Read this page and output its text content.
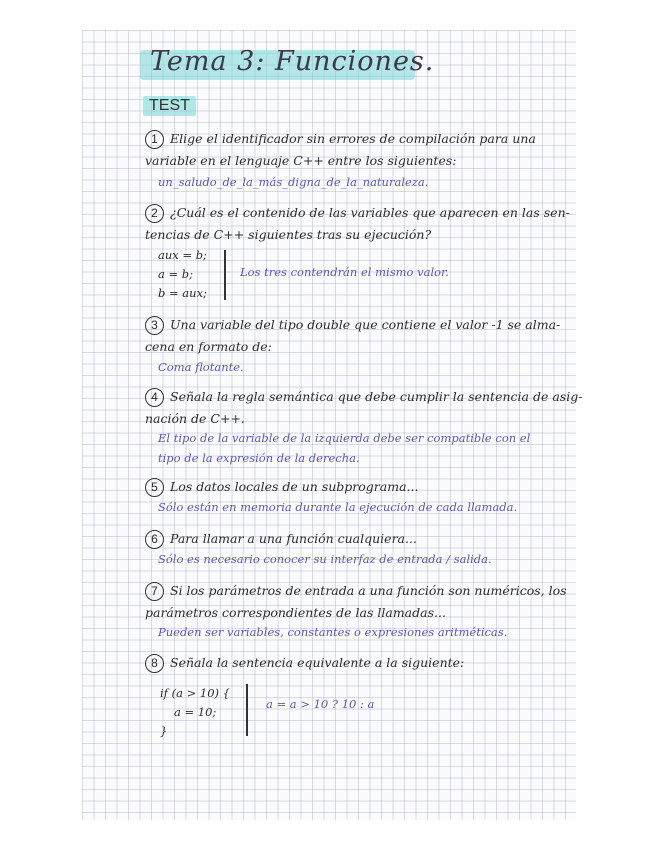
Tema 3: Funciones.
TEST
1 Elige el identificador sin errores de compilación para una
variable en el lenguaje C++ entre los siguientes:
un_saludo_de_la_más_digna_de_la_naturaleza.
2 ¿Cuál es el contenido de las variables que aparecen en las sen-
tencias de C++ siguientes tras su ejecución?
aux = b;
a = b;
b = aux;
Los tres contendrán el mismo valor.
3 Una variable del tipo double que contiene el valor -1 se alma-
cena en formato de:
Coma flotante.
4 Señala la regla semántica que debe cumplir la sentencia de asig-
nación de C++.
El tipo de la variable de la izquierda debe ser compatible con el
tipo de la expresión de la derecha.
5 Los datos locales de un subprograma...
Sólo están en memoria durante la ejecución de cada llamada.
6 Para llamar a una función cualquiera...
Sólo es necesario conocer su interfaz de entrada / salida.
7 Si los parámetros de entrada a una función son numéricos, los
parámetros correspondientes de las llamadas...
Pueden ser variables, constantes o expresiones aritméticas.
8 Señala la sentencia equivalente a la siguiente:
if (a > 10) {
a = 10;
}
a = a > 10 ? 10 : a
